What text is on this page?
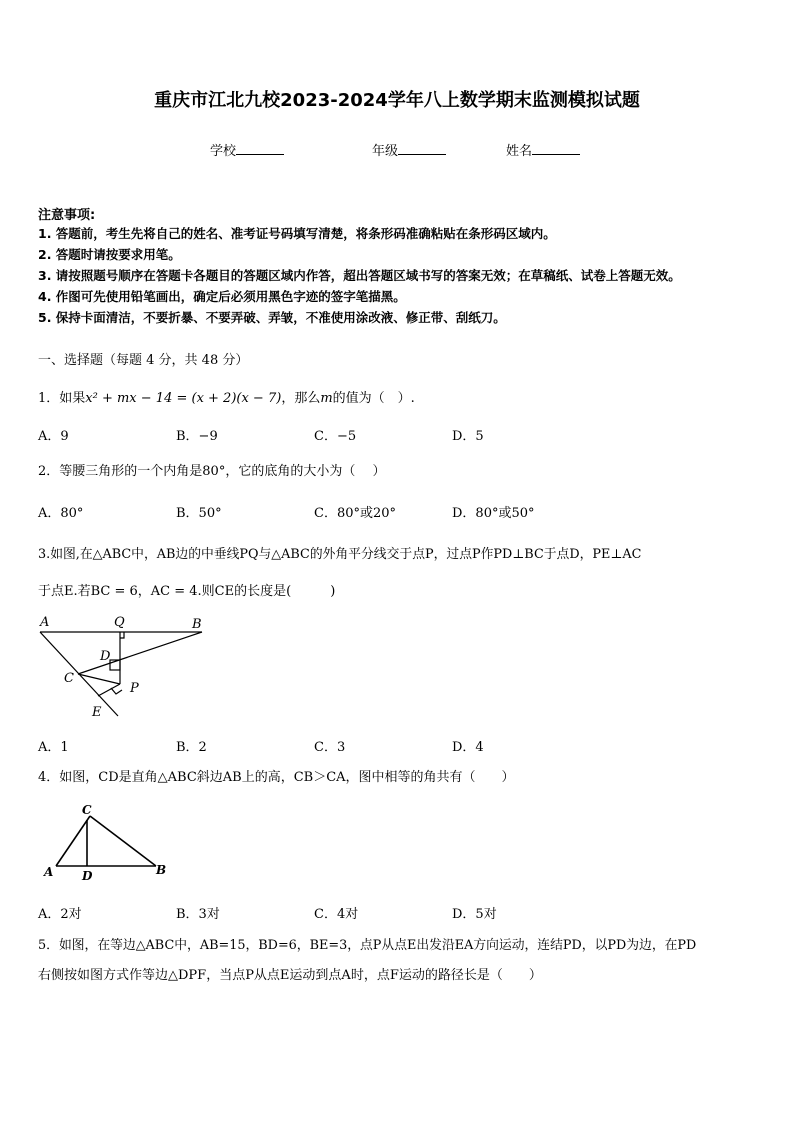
重庆市江北九校2023-2024学年八上数学期末监测模拟试题
学校	年级	姓名
注意事项:
1. 答题前，考生先将自己的姓名、准考证号码填写清楚，将条形码准确粘贴在条形码区域内。
2. 答题时请按要求用笔。
3. 请按照题号顺序在答题卡各题目的答题区域内作答，超出答题区域书写的答案无效；在草稿纸、试卷上答题无效。
4. 作图可先使用铅笔画出，确定后必须用黑色字迹的签字笔描黑。
5. 保持卡面清洁，不要折暴、不要弄破、弄皱，不准使用涂改液、修正带、刮纸刀。
一、选择题（每题 4 分，共 48 分）
1．如果x² + mx − 14 = (x + 2)(x − 7)，那么m的值为（　）.
A．9	B．−9	C．−5	D．5
2．等腰三角形的一个内角是80°，它的底角的大小为（　 ）
A．80°	B．50°	C．80°或20°	D．80°或50°
3.如图,在△ABC中，AB边的中垂线PQ与△ABC的外角平分线交于点P，过点P作PD⊥BC于点D，PE⊥AC
于点E.若BC = 6，AC = 4.则CE的长度是(　　　)
A	Q	B
D
C
P
E
A．1	B．2	C．3	D．4
4．如图，CD是直角△ABC斜边AB上的高，CB＞CA，图中相等的角共有（　　）
C
A D	B
A．2对	B．3对	C．4对	D．5对
5．如图，在等边△ABC中，AB=15，BD=6，BE=3，点P从点E出发沿EA方向运动，连结PD，以PD为边，在PD
右侧按如图方式作等边△DPF，当点P从点E运动到点A时，点F运动的路径长是（　　）
